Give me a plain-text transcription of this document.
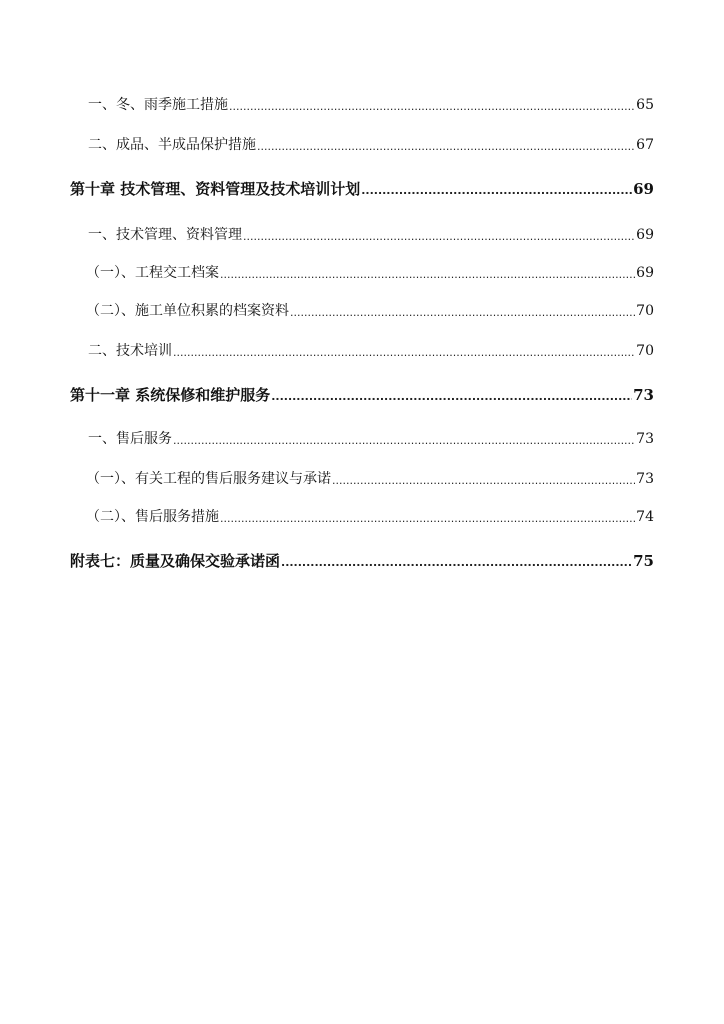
一、冬、雨季施工措施 .....	65
二、成品、半成品保护措施 .....	67
第十章 技术管理、资料管理及技术培训计划 .....	69
一、技术管理、资料管理 .....	69
（一）、工程交工档案 .....	69
（二）、施工单位积累的档案资料 .....	70
二、技术培训 .....	70
第十一章 系统保修和维护服务 .....	73
一、售后服务 .....	73
（一）、有关工程的售后服务建议与承诺 .....	73
（二）、售后服务措施 .....	74
附表七：质量及确保交验承诺函 .....	75
